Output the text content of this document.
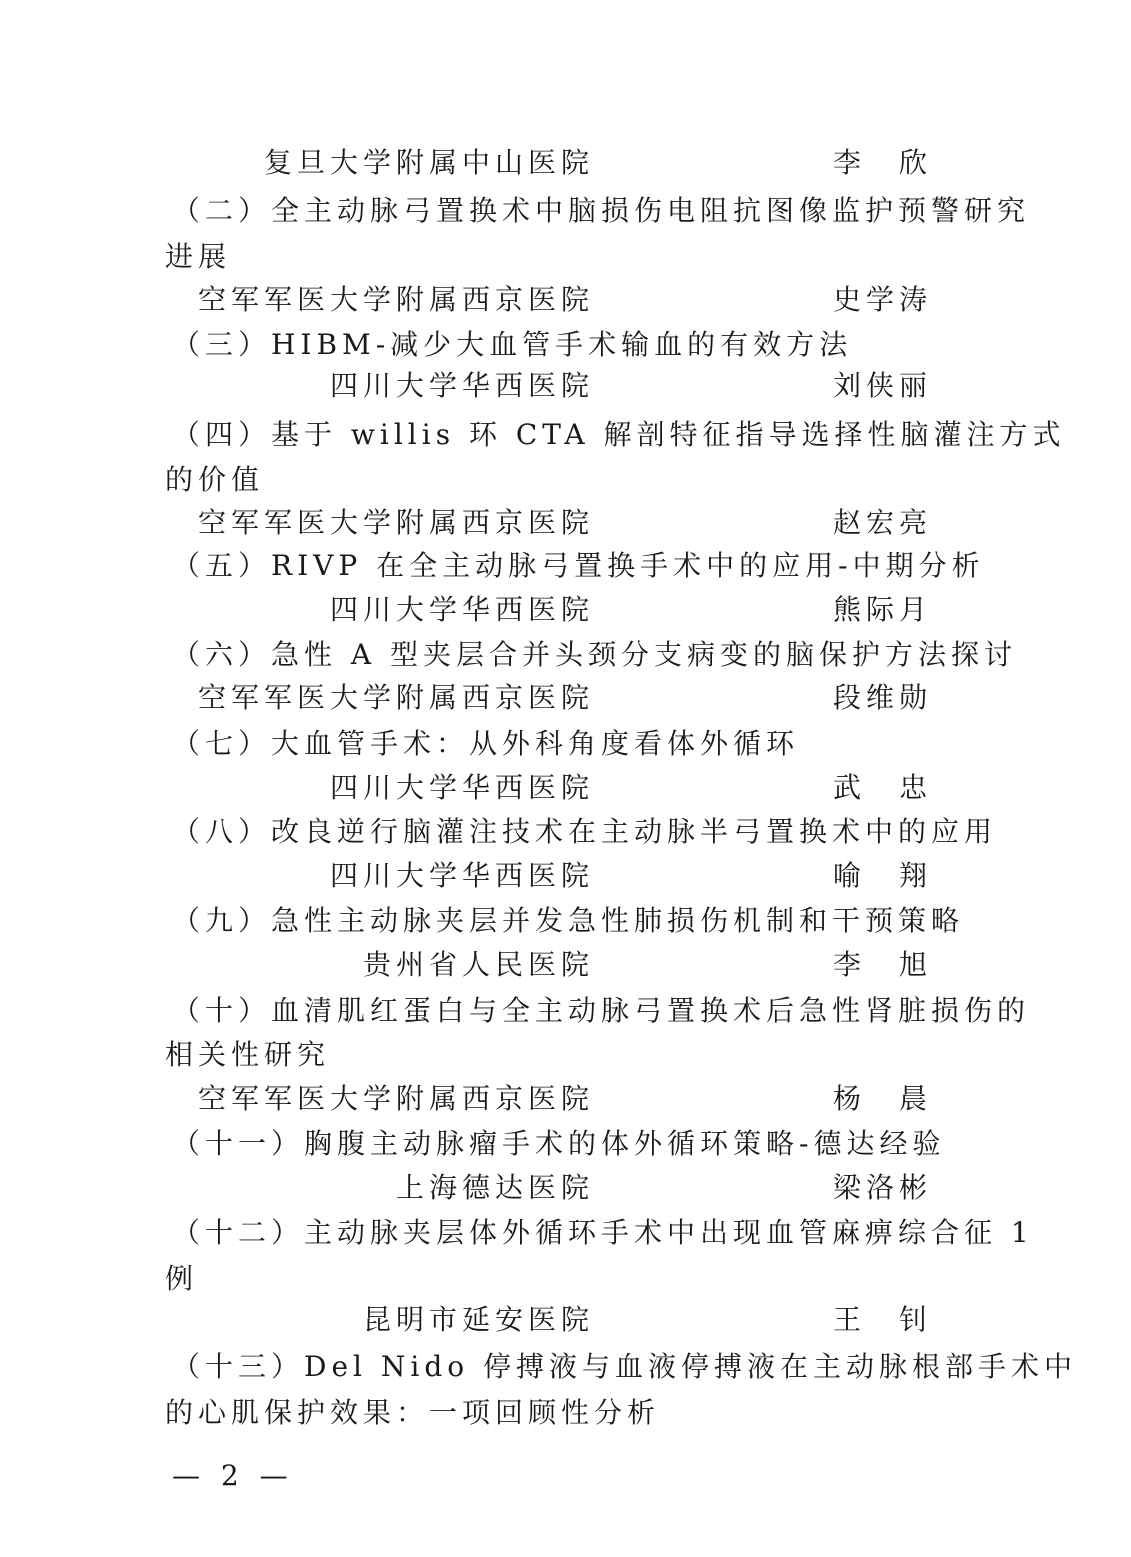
复旦大学附属中山医院	李　欣
（二）全主动脉弓置换术中脑损伤电阻抗图像监护预警研究
进展
空军军医大学附属西京医院	史学涛
（三）HIBM-减少大血管手术输血的有效方法
四川大学华西医院	刘侠丽
（四）基于 willis 环 CTA 解剖特征指导选择性脑灌注方式
的价值
空军军医大学附属西京医院	赵宏亮
（五）RIVP 在全主动脉弓置换手术中的应用-中期分析
四川大学华西医院	熊际月
（六）急性 A 型夹层合并头颈分支病变的脑保护方法探讨
空军军医大学附属西京医院	段维勋
（七）大血管手术：从外科角度看体外循环
四川大学华西医院	武　忠
（八）改良逆行脑灌注技术在主动脉半弓置换术中的应用
四川大学华西医院	喻　翔
（九）急性主动脉夹层并发急性肺损伤机制和干预策略
贵州省人民医院	李　旭
（十）血清肌红蛋白与全主动脉弓置换术后急性肾脏损伤的
相关性研究
空军军医大学附属西京医院	杨　晨
（十一）胸腹主动脉瘤手术的体外循环策略-德达经验
上海德达医院	梁洛彬
（十二）主动脉夹层体外循环手术中出现血管麻痹综合征 1
例
昆明市延安医院	王　钊
（十三）Del Nido 停搏液与血液停搏液在主动脉根部手术中
的心肌保护效果：一项回顾性分析
— 2 —
